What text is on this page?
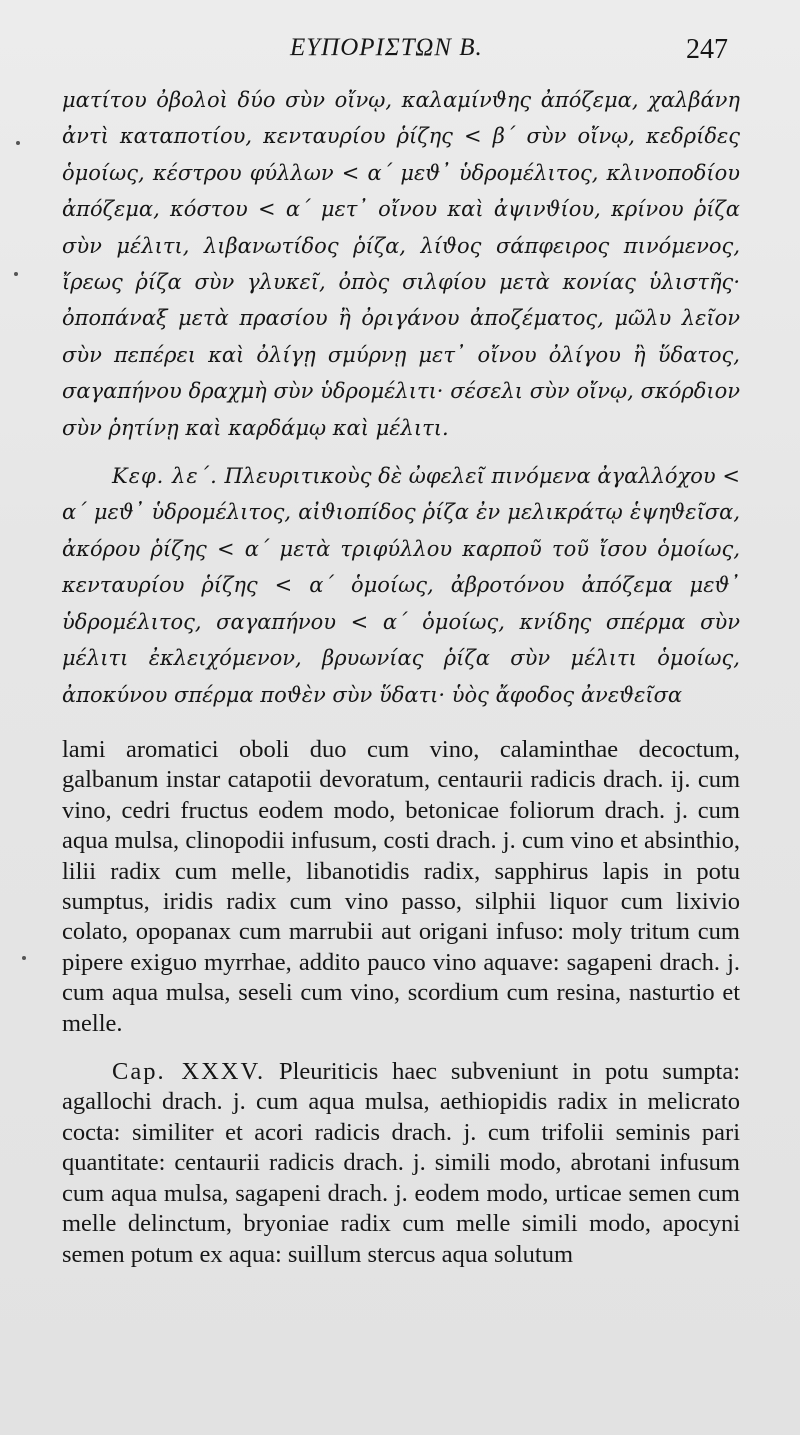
ΕΥΠΟΡΙΣΤΩΝ Β.	247

ματίτου ὀβολοὶ δύο σὺν οἴνῳ, καλαμίνϑης ἀπόζεμα, χαλβάνη ἀντὶ καταποτίου, κενταυρίου ῥίζης < β΄ σὺν οἴνῳ, κεδρίδες ὁμοίως, κέστρου φύλλων < α΄ μεϑ᾽ ὑδρομέλιτος, κλινοποδίου ἀπόζεμα, κόστου < α΄ μετ᾽ οἴνου καὶ ἀψινϑίου, κρίνου ῥίζα σὺν μέλιτι, λιβανωτίδος ῥίζα, λίϑος σάπφειρος πινόμενος, ἴρεως ῥίζα σὺν γλυκεῖ, ὀπὸς σιλφίου μετὰ κονίας ὑλιστῆς· ὀποπάναξ μετὰ πρασίου ἢ ὀριγάνου ἀποζέματος, μῶλυ λεῖον σὺν πεπέρει καὶ ὀλίγῃ σμύρνῃ μετ᾽ οἴνου ὀλίγου ἢ ὕδατος, σαγαπήνου δραχμὴ σὺν ὑδρομέλιτι· σέσελι σὺν οἴνῳ, σκόρδιον σὺν ῥητίνῃ καὶ καρδάμῳ καὶ μέλιτι.

Κεφ. λε΄. Πλευριτικοὺς δὲ ὠφελεῖ πινόμενα ἀγαλλόχου < α΄ μεϑ᾽ ὑδρομέλιτος, αἰϑιοπίδος ῥίζα ἐν μελικράτῳ ἑψηϑεῖσα, ἀκόρου ῥίζης < α΄ μετὰ τριφύλλου καρποῦ τοῦ ἴσου ὁμοίως, κενταυρίου ῥίζης < α΄ ὁμοίως, ἀβροτόνου ἀπόζεμα μεϑ᾽ ὑδρομέλιτος, σαγαπήνου < α΄ ὁμοίως, κνίδης σπέρμα σὺν μέλιτι ἐκλειχόμενον, βρυωνίας ῥίζα σὺν μέλιτι ὁμοίως, ἀποκύνου σπέρμα ποϑὲν σὺν ὕδατι· ὑὸς ἄφοδος ἀνεϑεῖσα

lami aromatici oboli duo cum vino, calaminthae decoctum, galbanum instar catapotii devoratum, centaurii radicis drach. ij. cum vino, cedri fructus eodem modo, betonicae foliorum drach. j. cum aqua mulsa, clinopodii infusum, costi drach. j. cum vino et absinthio, lilii radix cum melle, libanotidis radix, sapphirus lapis in potu sumptus, iridis radix cum vino passo, silphii liquor cum lixivio colato, opopanax cum marrubii aut origani infuso: moly tritum cum pipere exiguo myrrhae, addito pauco vino aquave: sagapeni drach. j. cum aqua mulsa, seseli cum vino, scordium cum resina, nasturtio et melle.

Cap. XXXV. Pleuriticis haec subveniunt in potu sumpta: agallochi drach. j. cum aqua mulsa, aethiopidis radix in melicrato cocta: similiter et acori radicis drach. j. cum trifolii seminis pari quantitate: centaurii radicis drach. j. simili modo, abrotani infusum cum aqua mulsa, sagapeni drach. j. eodem modo, urticae semen cum melle delinctum, bryoniae radix cum melle simili modo, apocyni semen potum ex aqua: suillum stercus aqua solutum
